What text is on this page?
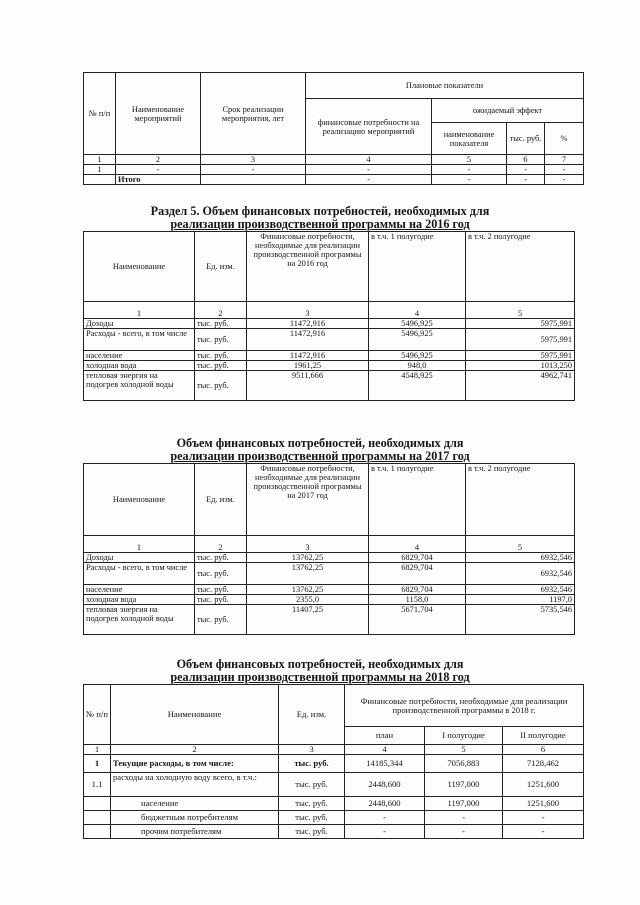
№ п/п	Наименование мероприятий	Срок реализации мероприятия, лет	Плановые показатели			
			финансовые потребности на реализацию мероприятий	ожидаемый эффект		
				наименование показателя	тыс. руб.	%
1	2	3	4	5	6	7
1	-	-	-	-	-	-
	Итого		-	-	-	-
Раздел 5. Объем финансовых потребностей, необходимых для
реализации производственной программы на 2016 год
Наименование	Ед. изм.	Финансовые потребности, необходимые для реализации производственной программы на 2016 год	в т.ч. 1 полугодие	в т.ч. 2 полугодие
1	2	3	4	5
Доходы	тыс. руб.	11472,916	5496,925	5975,991
Расходы - всего, в том числе	тыс. руб.	11472,916	5496,925	5975,991
население	тыс. руб.	11472,916	5496,925	5975,991
холодная вода	тыс. руб.	1961,25	948,0	1013,250
тепловая энергия на подогрев холодной воды	тыс. руб.	9511,666	4548,925	4962,741
Объем финансовых потребностей, необходимых для
реализации производственной программы на 2017 год
Наименование	Ед. изм.	Финансовые потребности, необходимые для реализации производственной программы на 2017 год	в т.ч. 1 полугодие	в т.ч. 2 полугодие
1	2	3	4	5
Доходы	тыс. руб.	13762,25	6829,704	6932,546
Расходы - всего, в том числе	тыс. руб.	13762,25	6829,704	6932,546
население	тыс. руб.	13762,25	6829,704	6932,546
холодная вода	тыс. руб.	2355,0	1158,0	1197,0
тепловая энергия на подогрев холодной воды	тыс. руб.	11407,25	5671,704	5735,546
Объем финансовых потребностей, необходимых для
реализации производственной программы на 2018 год
№ п/п	Наименование	Ед. изм.	Финансовые потребности, необходимые для реализации производственной программы в 2018 г.		
			план	I полугодие	II полугодие
1	2	3	4	5	6
1	Текущие расходы, в том числе:	тыс. руб.	14185,344	7056,883	7128,462
1.1	расходы на холодную воду всего, в т.ч.:	тыс. руб.	2448,600	1197,000	1251,600
	население	тыс. руб.	2448,600	1197,000	1251,600
	бюджетным потребителям	тыс. руб.	-	-	-
	прочим потребителям	тыс. руб.	-	-	-
